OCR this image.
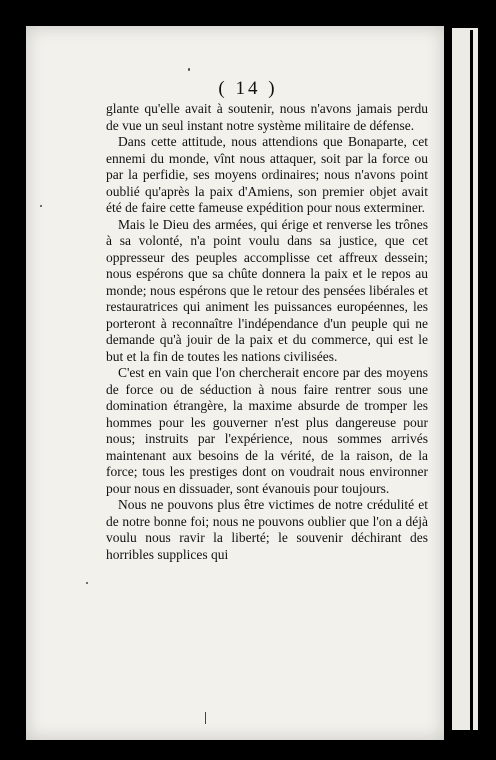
( 14 )

glante qu'elle avait à soutenir, nous n'avons jamais perdu de vue un seul instant notre système militaire de défense.

Dans cette attitude, nous attendions que Bonaparte, cet ennemi du monde, vînt nous attaquer, soit par la force ou par la perfidie, ses moyens ordinaires; nous n'avons point oublié qu'après la paix d'Amiens, son premier objet avait été de faire cette fameuse expédition pour nous exterminer.

Mais le Dieu des armées, qui érige et renverse les trônes à sa volonté, n'a point voulu dans sa justice, que cet oppresseur des peuples accomplisse cet affreux dessein; nous espérons que sa chûte donnera la paix et le repos au monde; nous espérons que le retour des pensées libérales et restauratrices qui animent les puissances européennes, les porteront à reconnaître l'indépendance d'un peuple qui ne demande qu'à jouir de la paix et du commerce, qui est le but et la fin de toutes les nations civilisées.

C'est en vain que l'on chercherait encore par des moyens de force ou de séduction à nous faire rentrer sous une domination étrangère, la maxime absurde de tromper les hommes pour les gouverner n'est plus dangereuse pour nous; instruits par l'expérience, nous sommes arrivés maintenant aux besoins de la vérité, de la raison, de la force; tous les prestiges dont on voudrait nous environner pour nous en dissuader, sont évanouis pour toujours.

Nous ne pouvons plus être victimes de notre crédulité et de notre bonne foi; nous ne pouvons oublier que l'on a déjà voulu nous ravir la liberté; le souvenir déchirant des horribles supplices qui
